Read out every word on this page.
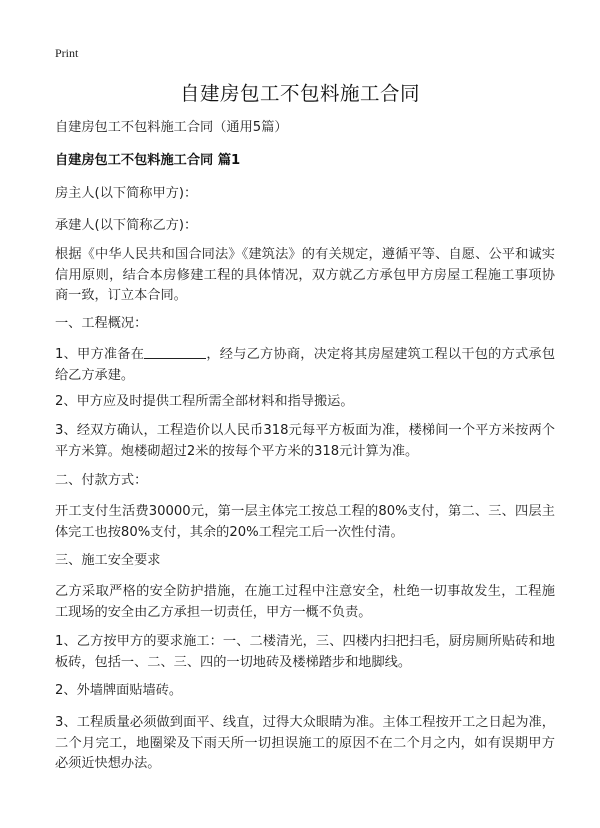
Print
自建房包工不包料施工合同
自建房包工不包料施工合同（通用5篇）
自建房包工不包料施工合同 篇1
房主人(以下简称甲方)：
承建人(以下简称乙方)：
根据《中华人民共和国合同法》《建筑法》的有关规定，遵循平等、自愿、公平和诚实信用原则，结合本房修建工程的具体情况，双方就乙方承包甲方房屋工程施工事项协商一致，订立本合同。
一、工程概况：
1、甲方准备在	，经与乙方协商，决定将其房屋建筑工程以干包的方式承包给乙方承建。
2、甲方应及时提供工程所需全部材料和指导搬运。
3、经双方确认，工程造价以人民币318元每平方板面为准，楼梯间一个平方米按两个平方米算。炮楼砌超过2米的按每个平方米的318元计算为准。
二、付款方式：
开工支付生活费30000元，第一层主体完工按总工程的80%支付，第二、三、四层主体完工也按80%支付，其余的20%工程完工后一次性付清。
三、施工安全要求
乙方采取严格的安全防护措施，在施工过程中注意安全，杜绝一切事故发生，工程施工现场的安全由乙方承担一切责任，甲方一概不负责。
1、乙方按甲方的要求施工：一、二楼清光，三、四楼内扫把扫毛，厨房厕所贴砖和地板砖，包括一、二、三、四的一切地砖及楼梯踏步和地脚线。
2、外墙牌面贴墙砖。
3、工程质量必须做到面平、线直，过得大众眼睛为准。主体工程按开工之日起为准，二个月完工，地圈梁及下雨天所一切担误施工的原因不在二个月之内，如有误期甲方必须近快想办法。
